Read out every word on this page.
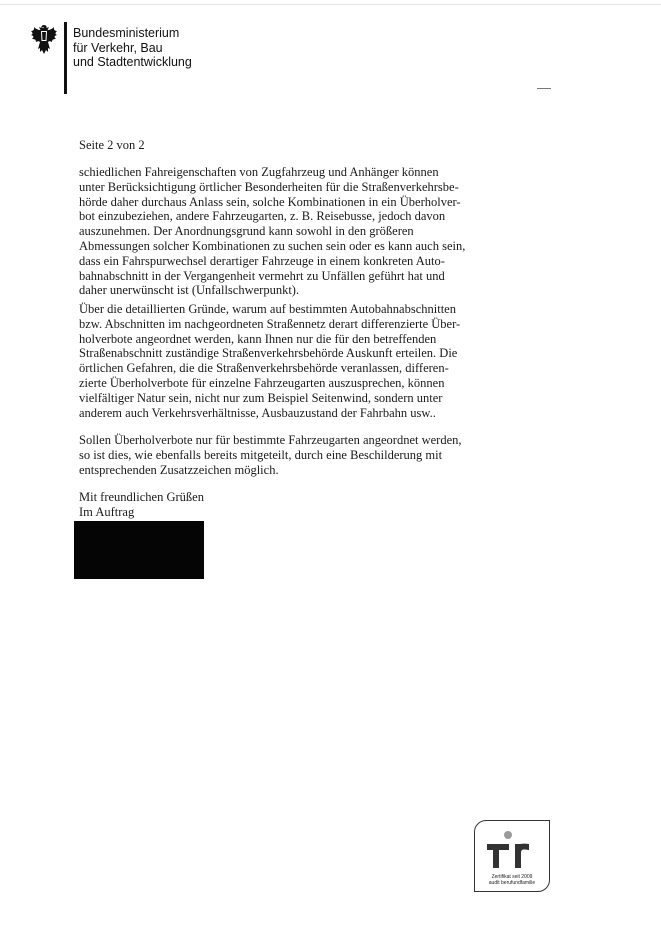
Bundesministerium
für Verkehr, Bau
und Stadtentwicklung
Seite 2 von 2

schiedlichen Fahreigenschaften von Zugfahrzeug und Anhänger können
unter Berücksichtigung örtlicher Besonderheiten für die Straßenverkehrsbe-
hörde daher durchaus Anlass sein, solche Kombinationen in ein Überholver-
bot einzubeziehen, andere Fahrzeugarten, z. B. Reisebusse, jedoch davon
auszunehmen. Der Anordnungsgrund kann sowohl in den größeren
Abmessungen solcher Kombinationen zu suchen sein oder es kann auch sein,
dass ein Fahrspurwechsel derartiger Fahrzeuge in einem konkreten Auto-
bahnabschnitt in der Vergangenheit vermehrt zu Unfällen geführt hat und
daher unerwünscht ist (Unfallschwerpunkt).

Über die detaillierten Gründe, warum auf bestimmten Autobahnabschnitten
bzw. Abschnitten im nachgeordneten Straßennetz derart differenzierte Über-
holverbote angeordnet werden, kann Ihnen nur die für den betreffenden
Straßenabschnitt zuständige Straßenverkehrsbehörde Auskunft erteilen. Die
örtlichen Gefahren, die die Straßenverkehrsbehörde veranlassen, differen-
zierte Überholverbote für einzelne Fahrzeugarten auszusprechen, können
vielfältiger Natur sein, nicht nur zum Beispiel Seitenwind, sondern unter
anderem auch Verkehrsverhältnisse, Ausbauzustand der Fahrbahn usw..

Sollen Überholverbote nur für bestimmte Fahrzeugarten angeordnet werden,
so ist dies, wie ebenfalls bereits mitgeteilt, durch eine Beschilderung mit
entsprechenden Zusatzzeichen möglich.

Mit freundlichen Grüßen
Im Auftrag
Zertifikat seit 2009
audit berufundfamilie
